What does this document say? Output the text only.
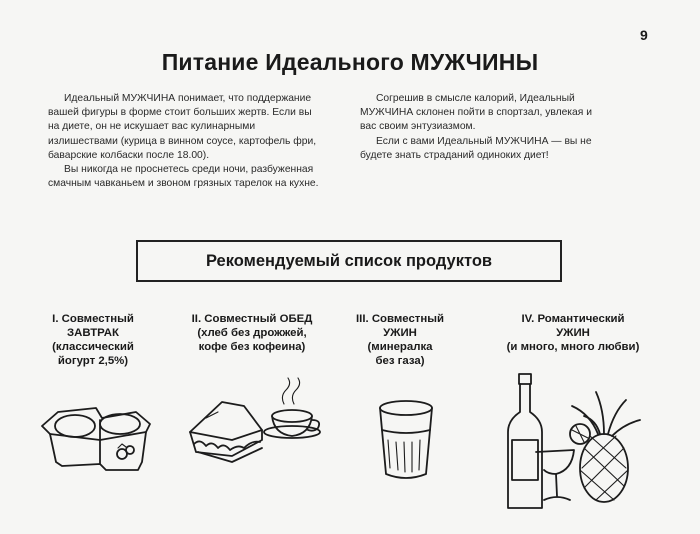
9
Питание Идеального МУЖЧИНЫ

Идеальный МУЖЧИНА понимает, что поддержание вашей фигуры в форме стоит больших жертв. Если вы на диете, он не искушает вас кулинарными излишествами (курица в винном соусе, картофель фри, баварские колбаски после 18.00).

Вы никогда не проснетесь среди ночи, разбуженная смачным чавканьем и звоном грязных тарелок на кухне.

Согрешив в смысле калорий, Идеальный МУЖЧИНА склонен пойти в спортзал, увлекая и вас своим энтузиазмом.

Если с вами Идеальный МУЖЧИНА — вы не будете знать страданий одиноких диет!

Рекомендуемый список продуктов
I. Совместный
ЗАВТРАК
(классический
йогурт 2,5%)
II. Совместный ОБЕД
(хлеб без дрожжей,
кофе без кофеина)
III. Совместный
УЖИН
(минералка
без газа)
IV. Романтический
УЖИН
(и много, много любви)
